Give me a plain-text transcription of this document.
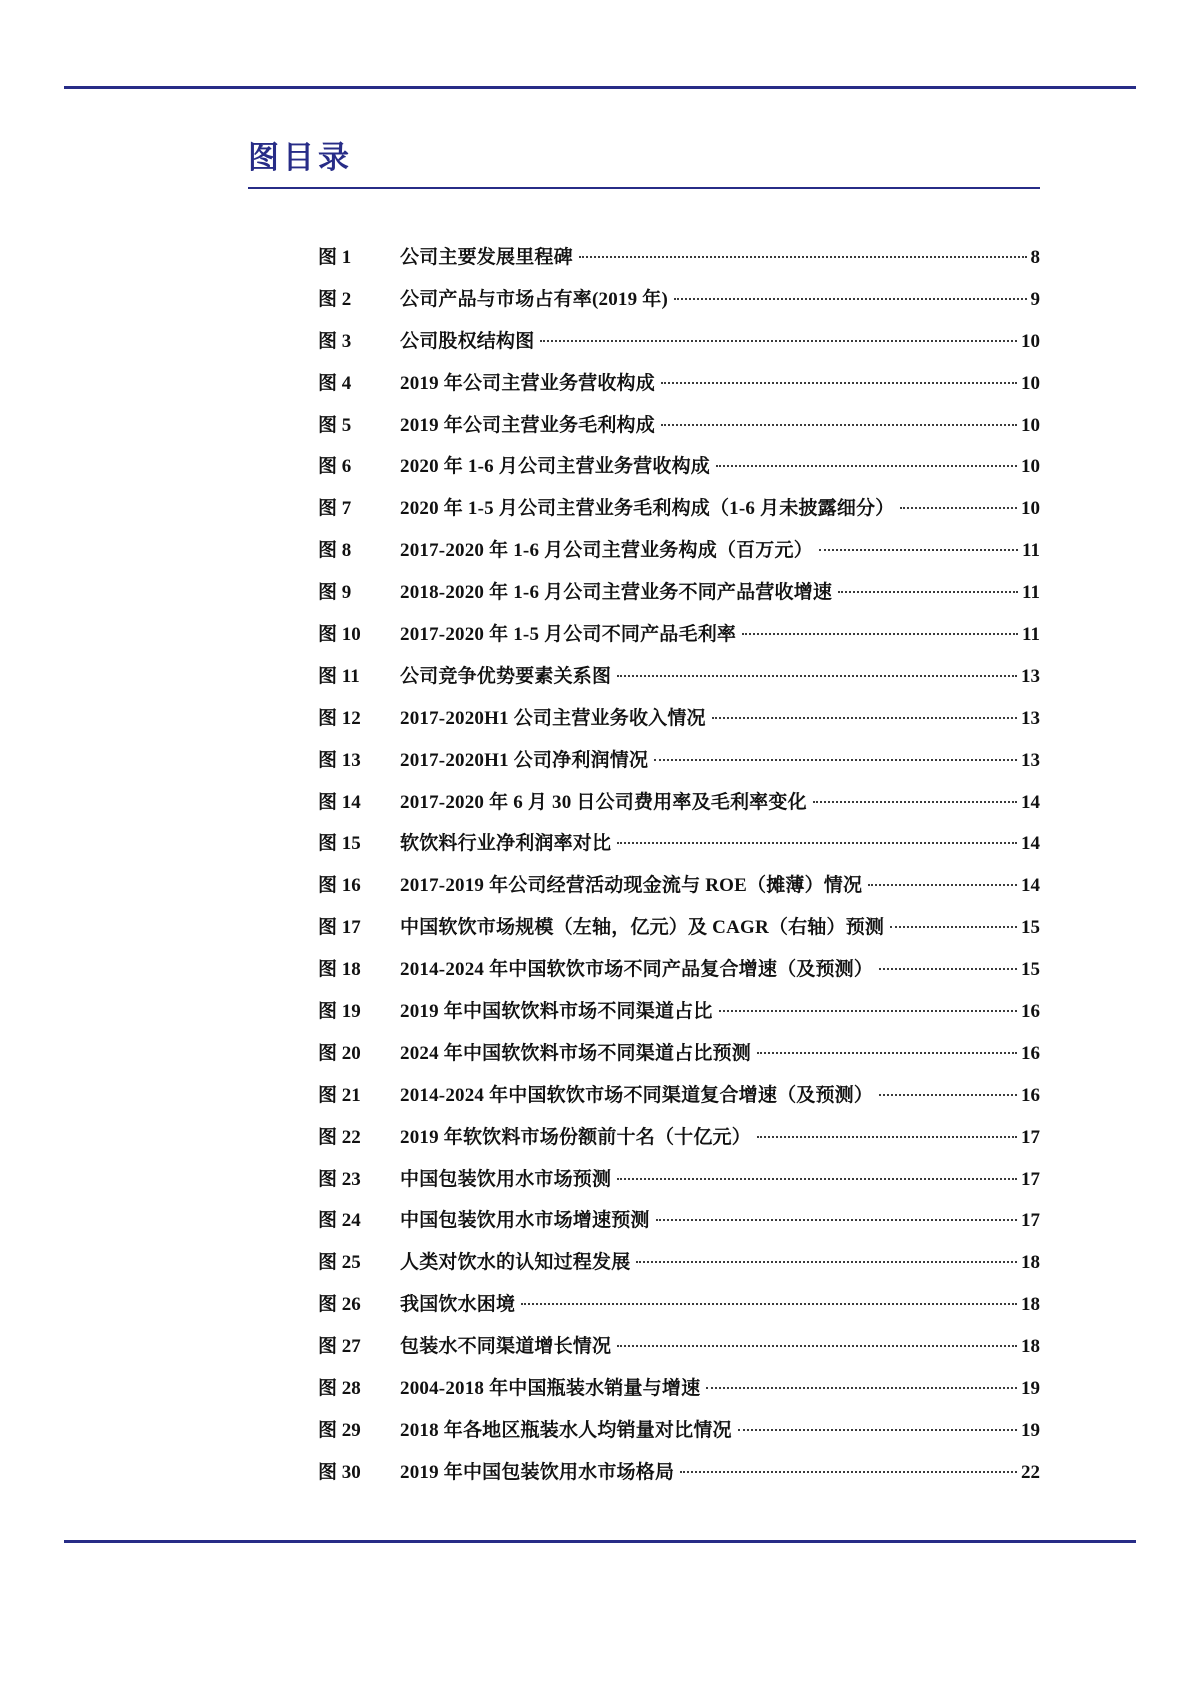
图目录
图 1	公司主要发展里程碑	8
图 2	公司产品与市场占有率(2019 年)	9
图 3	公司股权结构图	10
图 4	2019 年公司主营业务营收构成	10
图 5	2019 年公司主营业务毛利构成	10
图 6	2020 年 1-6 月公司主营业务营收构成	10
图 7	2020 年 1-5 月公司主营业务毛利构成（1-6 月未披露细分）	10
图 8	2017-2020 年 1-6 月公司主营业务构成（百万元）	11
图 9	2018-2020 年 1-6 月公司主营业务不同产品营收增速	11
图 10	2017-2020 年 1-5 月公司不同产品毛利率	11
图 11	公司竞争优势要素关系图	13
图 12	2017-2020H1 公司主营业务收入情况	13
图 13	2017-2020H1 公司净利润情况	13
图 14	2017-2020 年 6 月 30 日公司费用率及毛利率变化	14
图 15	软饮料行业净利润率对比	14
图 16	2017-2019 年公司经营活动现金流与 ROE（摊薄）情况	14
图 17	中国软饮市场规模（左轴，亿元）及 CAGR（右轴）预测	15
图 18	2014-2024 年中国软饮市场不同产品复合增速（及预测）	15
图 19	2019 年中国软饮料市场不同渠道占比	16
图 20	2024 年中国软饮料市场不同渠道占比预测	16
图 21	2014-2024 年中国软饮市场不同渠道复合增速（及预测）	16
图 22	2019 年软饮料市场份额前十名（十亿元）	17
图 23	中国包装饮用水市场预测	17
图 24	中国包装饮用水市场增速预测	17
图 25	人类对饮水的认知过程发展	18
图 26	我国饮水困境	18
图 27	包装水不同渠道增长情况	18
图 28	2004-2018 年中国瓶装水销量与增速	19
图 29	2018 年各地区瓶装水人均销量对比情况	19
图 30	2019 年中国包装饮用水市场格局	22
